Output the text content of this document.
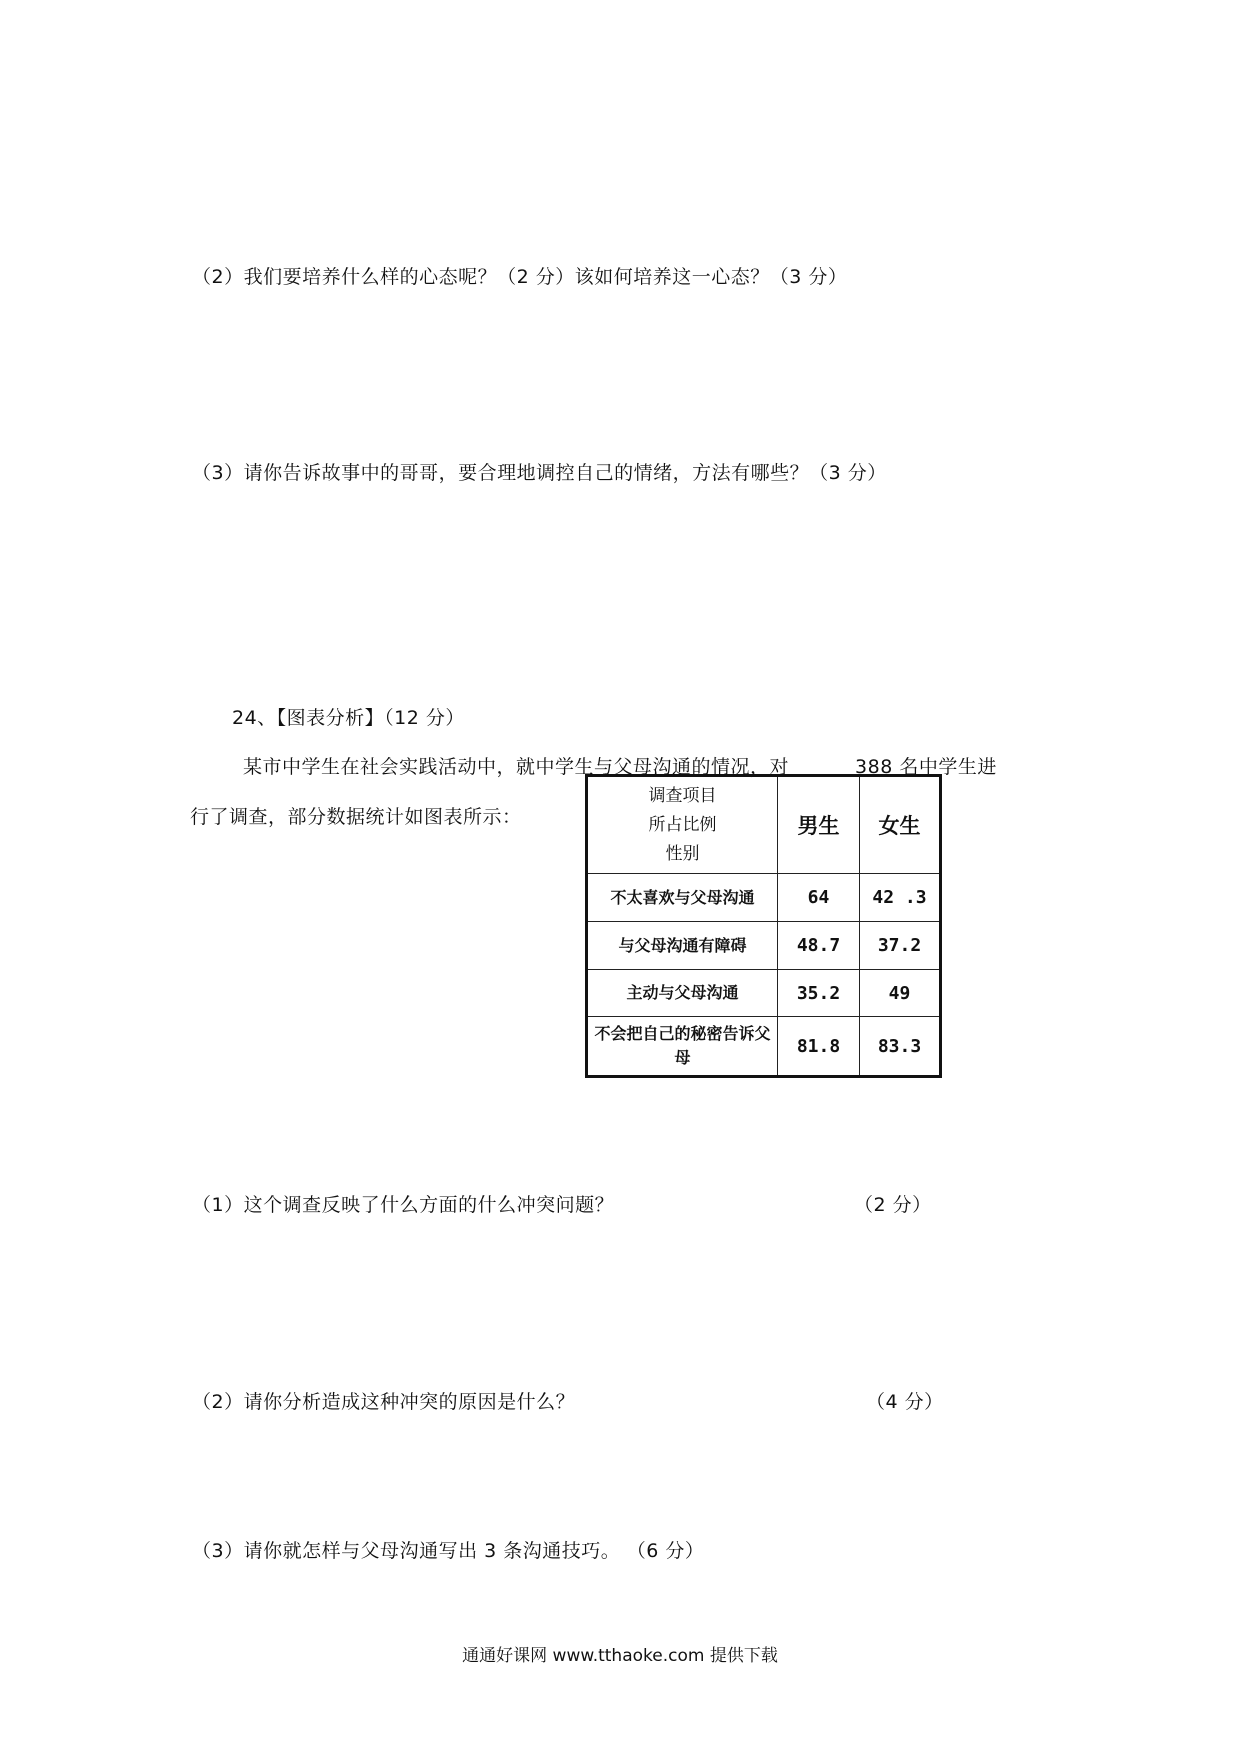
（2）我们要培养什么样的心态呢？（2 分）该如何培养这一心态？（3 分）
（3）请你告诉故事中的哥哥，要合理地调控自己的情绪，方法有哪些？（3 分）
24、【图表分析】（12 分）
某市中学生在社会实践活动中，就中学生与父母沟通的情况，对	388 名中学生进
行了调查，部分数据统计如图表所示：
调查项目
所占比例
性别	男生	女生
不太喜欢与父母沟通	64	42 .3
与父母沟通有障碍	48.7	37.2
主动与父母沟通	35.2	49
不会把自己的秘密告诉父母	81.8	83.3
（1）这个调查反映了什么方面的什么冲突问题？	（2 分）
（2）请你分析造成这种冲突的原因是什么？	（4 分）
（3）请你就怎样与父母沟通写出 3 条沟通技巧。 （6 分）
通通好课网 www.tthaoke.com 提供下载
